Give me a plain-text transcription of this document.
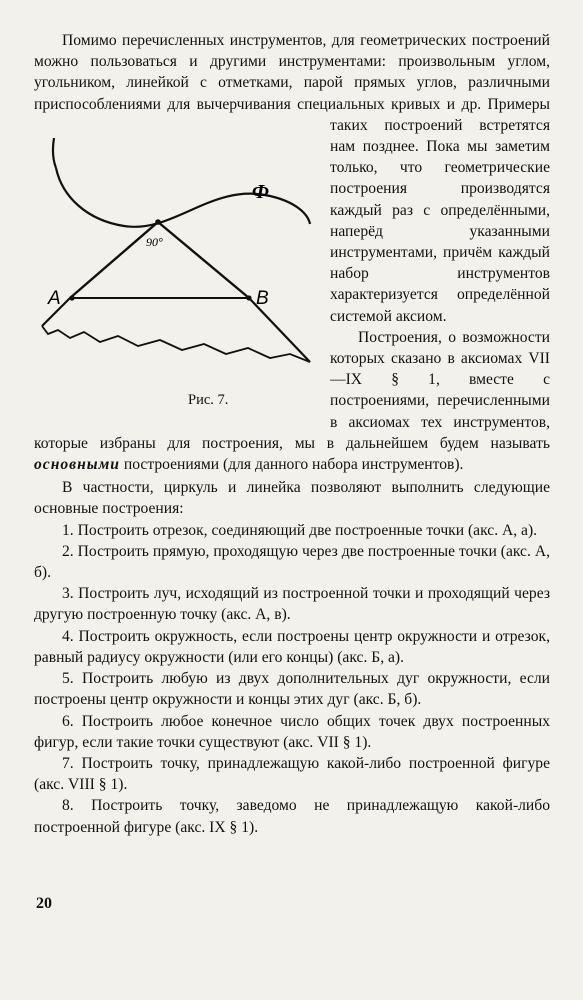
Ф
90°
A	B
Рис. 7.
Помимо перечисленных инструментов, для геометрических построений можно пользоваться и другими инструментами: произвольным углом, угольником, линейкой с отметками, парой прямых углов, различными приспособлениями для вычерчивания специальных кривых и др. Примеры таких построений встретятся нам позднее. Пока мы заметим только, что геометрические построения производятся каждый раз с определёнными, наперёд указанными инструментами, причём каждый набор инструментов характеризуется определённой системой аксиом.

Построения, о возможности которых сказано в аксиомах VII—IX § 1, вместе с построениями, перечисленными в аксиомах тех инструментов, которые избраны для построения, мы в дальнейшем будем называть основными построениями (для данного набора инструментов).

В частности, циркуль и линейка позволяют выполнить следующие основные построения:

1. Построить отрезок, соединяющий две построенные точки (акс. А, а).

2. Построить прямую, проходящую через две построенные точки (акс. А, б).

3. Построить луч, исходящий из построенной точки и проходящий через другую построенную точку (акс. А, в).

4. Построить окружность, если построены центр окружности и отрезок, равный радиусу окружности (или его концы) (акс. Б, а).

5. Построить любую из двух дополнительных дуг окружности, если построены центр окружности и концы этих дуг (акс. Б, б).

6. Построить любое конечное число общих точек двух построенных фигур, если такие точки существуют (акс. VII § 1).

7. Построить точку, принадлежащую какой-либо построенной фигуре (акс. VIII § 1).

8. Построить точку, заведомо не принадлежащую какой-либо построенной фигуре (акс. IX § 1).

20
